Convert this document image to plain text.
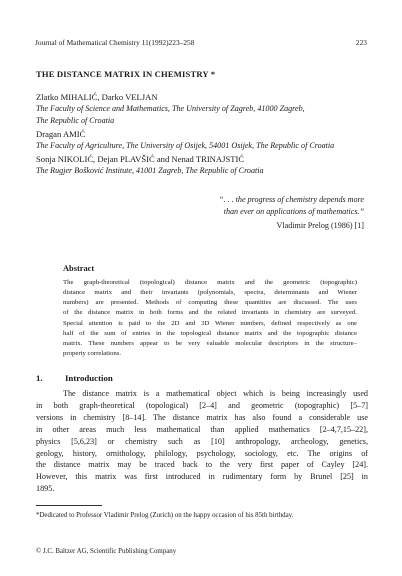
Journal of Mathematical Chemistry 11(1992)223–258	223
THE DISTANCE MATRIX IN CHEMISTRY *
Zlatko MIHALIĆ, Darko VELJAN
The Faculty of Science and Mathematics, The University of Zagreb, 41000 Zagreb,
The Republic of Croatia
Dragan AMIĆ
The Faculty of Agriculture, The University of Osijek, 54001 Osijek, The Republic of Croatia
Sonja NIKOLIĆ, Dejan PLAVŠIĆ and Nenad TRINAJSTIĆ
The Rugjer Bošković Institute, 41001 Zagreb, The Republic of Croatia
“. . . the progress of chemistry depends more
than ever on applications of mathematics.”
Vladimir Prelog (1986) [1]
Abstract
The graph-theoretical (topological) distance matrix and the geometric (topographic)
distance matrix and their invariants (polynomials, spectra, determinants and Wiener
numbers) are presented. Methods of computing these quantities are discussed. The uses
of the distance matrix in both forms and the related invariants in chemistry are surveyed.
Special attention is paid to the 2D and 3D Wiener numbers, defined respectively as one
half of the sum of entries in the topological distance matrix and the topographic distance
matrix. These numbers appear to be very valuable molecular descriptors in the structure–
property correlations.
1.	Introduction
The distance matrix is a mathematical object which is being increasingly used
in both graph-theoretical (topological) [2–4] and geometric (topographic) [5–7]
versions in chemistry [8–14]. The distance matrix has also found a considerable use
in other areas much less mathematical than applied mathematics [2–4,7,15–22],
physics [5,6,23] or chemistry such as [10] anthropology, archeology, genetics,
geology, history, ornithology, philology, psychology, sociology, etc. The origins of
the distance matrix may be traced back to the very first paper of Cayley [24].
However, this matrix was first introduced in rudimentary form by Brunel [25] in
1895.
*Dedicated to Professor Vladimir Prelog (Zurich) on the happy occasion of his 85th birthday.
© J.C. Baltzer AG, Scientific Publishing Company
